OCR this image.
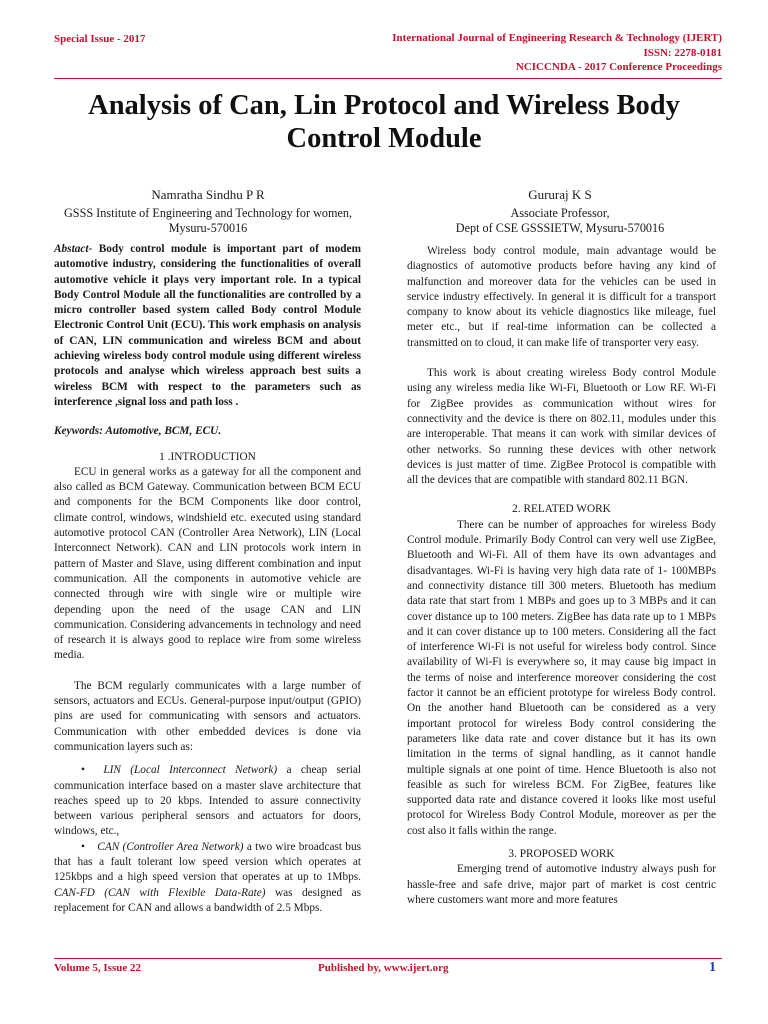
Special Issue - 2017	International Journal of Engineering Research & Technology (IJERT)
ISSN: 2278-0181
NCICCNDA - 2017 Conference Proceedings
Analysis of Can, Lin Protocol and Wireless Body Control Module
Namratha Sindhu P R
GSSS Institute of Engineering and Technology for women,
Mysuru-570016
Gururaj K S
Associate Professor,
Dept of CSE GSSSIETW, Mysuru-570016

Abstact- Body control module is important part of modem automotive industry, considering the functionalities of overall automotive vehicle it plays very important role. In a typical Body Control Module all the functionalities are controlled by a micro controller based system called Body control Module Electronic Control Unit (ECU). This work emphasis on analysis of CAN, LIN communication and wireless BCM and about achieving wireless body control module using different wireless protocols and analyse which wireless approach best suits a wireless BCM with respect to the parameters such as interference ,signal loss and path loss .

Keywords: Automotive, BCM, ECU.

1 .INTRODUCTION

ECU in general works as a gateway for all the component and also called as BCM Gateway. Communication between BCM ECU and components for the BCM Components like door control, climate control, windows, windshield etc. executed using standard automotive protocol CAN (Controller Area Network), LIN (Local Interconnect Network). CAN and LIN protocols work intern in pattern of Master and Slave, using different combination and input communication. All the components in automotive vehicle are connected through wire with single wire or multiple wire depending upon the need of the usage CAN and LIN communication. Considering advancements in technology and need of research it is always good to replace wire from some wireless media.

The BCM regularly communicates with a large number of sensors, actuators and ECUs. General-purpose input/output (GPIO) pins are used for communicating with sensors and actuators. Communication with other embedded devices is done via communication layers such as:

• LIN (Local Interconnect Network) a cheap serial communication interface based on a master slave architecture that reaches speed up to 20 kbps. Intended to assure connectivity between various peripheral sensors and actuators for doors, windows, etc.,

• CAN (Controller Area Network) a two wire broadcast bus that has a fault tolerant low speed version which operates at 125kbps and a high speed version that operates at up to 1Mbps. CAN-FD (CAN with Flexible Data-Rate) was designed as replacement for CAN and allows a bandwidth of 2.5 Mbps.

Wireless body control module, main advantage would be diagnostics of automotive products before having any kind of malfunction and moreover data for the vehicles can be used in service industry effectively. In general it is difficult for a transport company to know about its vehicle diagnostics like mileage, fuel meter etc., but if real-time information can be collected a transmitted on to cloud, it can make life of transporter very easy.

This work is about creating wireless Body control Module using any wireless media like Wi-Fi, Bluetooth or Low RF. Wi-Fi for ZigBee provides as communication without wires for connectivity and the device is there on 802.11, modules under this are interoperable. That means it can work with similar devices of other networks. So running these devices with other network devices is just matter of time. ZigBee Protocol is compatible with all the devices that are compatible with standard 802.11 BGN.

2. RELATED WORK

There can be number of approaches for wireless Body Control module. Primarily Body Control can very well use ZigBee, Bluetooth and Wi-Fi. All of them have its own advantages and disadvantages. Wi-Fi is having very high data rate of 1- 100MBPs and connectivity distance till 300 meters. Bluetooth has medium data rate that start from 1 MBPs and goes up to 3 MBPs and it can cover distance up to 100 meters. ZigBee has data rate up to 1 MBPs and it can cover distance up to 100 meters. Considering all the fact of interference Wi-Fi is not useful for wireless body control. Since availability of Wi-Fi is everywhere so, it may cause big impact in the terms of noise and interference moreover considering the cost factor it cannot be an efficient prototype for wireless Body control. On the another hand Bluetooth can be considered as a very important protocol for wireless Body control considering the parameters like data rate and cover distance but it has its own limitation in the terms of signal handling, as it cannot handle multiple signals at one point of time. Hence Bluetooth is also not feasible as such for wireless BCM. For ZigBee, features like supported data rate and distance covered it looks like most useful protocol for Wireless Body Control Module, moreover as per the cost also it falls within the range.

3. PROPOSED WORK

Emerging trend of automotive industry always push for hassle-free and safe drive, major part of market is cost centric where customers want more and more features

Volume 5, Issue 22	Published by, www.ijert.org	1
